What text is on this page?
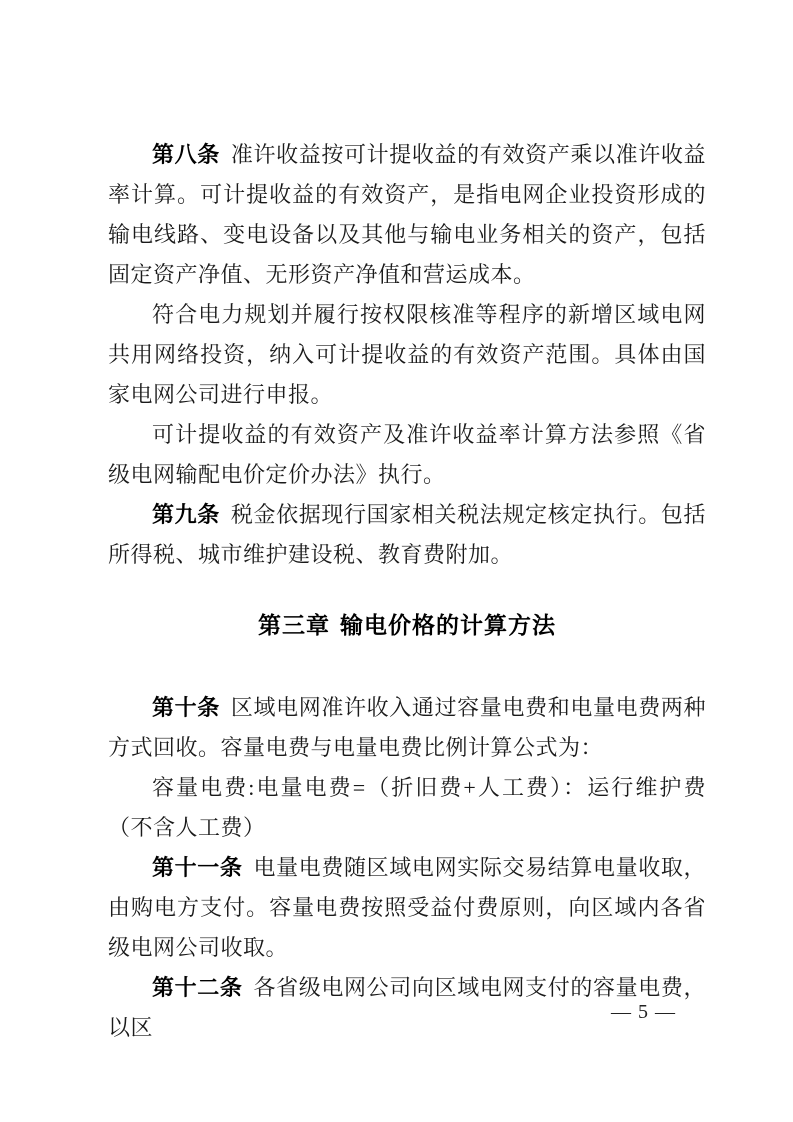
第八条 准许收益按可计提收益的有效资产乘以准许收益率计算。可计提收益的有效资产，是指电网企业投资形成的输电线路、变电设备以及其他与输电业务相关的资产，包括固定资产净值、无形资产净值和营运成本。

符合电力规划并履行按权限核准等程序的新增区域电网共用网络投资，纳入可计提收益的有效资产范围。具体由国家电网公司进行申报。

可计提收益的有效资产及准许收益率计算方法参照《省级电网输配电价定价办法》执行。

第九条 税金依据现行国家相关税法规定核定执行。包括所得税、城市维护建设税、教育费附加。

第三章 输电价格的计算方法

第十条 区域电网准许收入通过容量电费和电量电费两种方式回收。容量电费与电量电费比例计算公式为：

容量电费:电量电费=（折旧费+人工费）：运行维护费（不含人工费）

第十一条 电量电费随区域电网实际交易结算电量收取，由购电方支付。容量电费按照受益付费原则，向区域内各省级电网公司收取。

第十二条 各省级电网公司向区域电网支付的容量电费，以区

— 5 —
